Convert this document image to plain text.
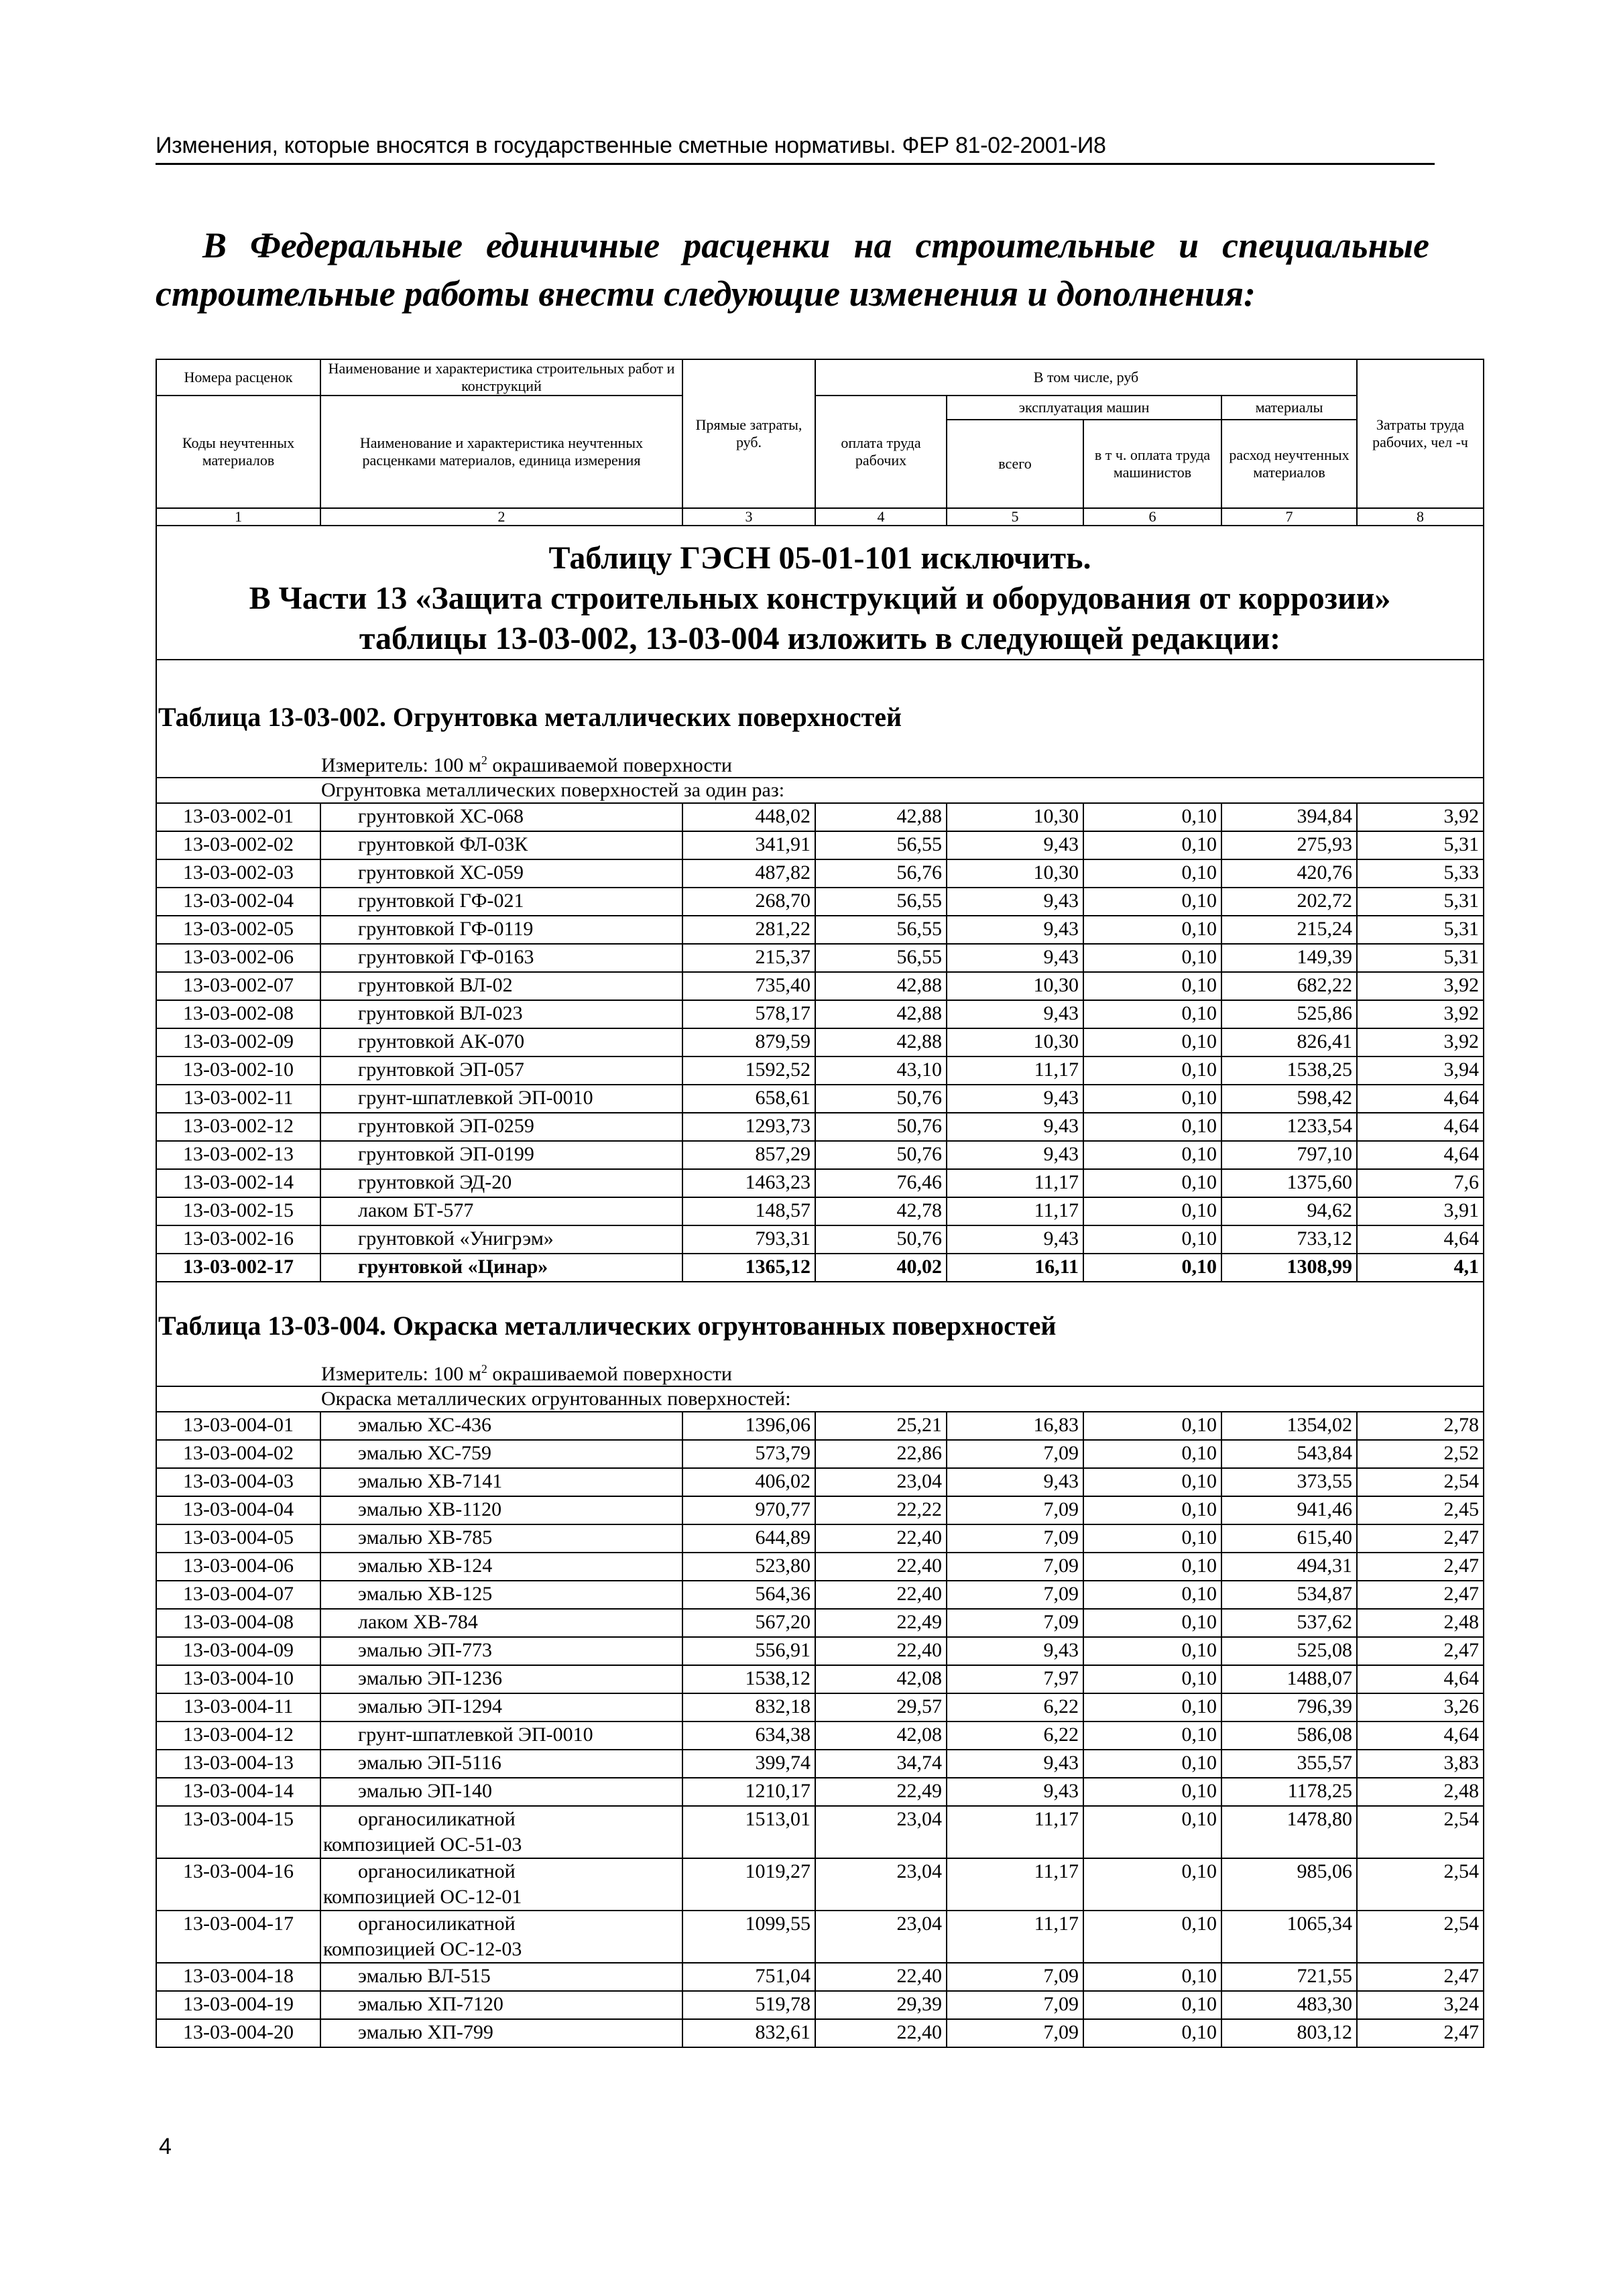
Изменения, которые вносятся в государственные сметные нормативы. ФЕР 81-02-2001-И8
В Федеральные единичные расценки на строительные и специальные строительные работы внести следующие изменения и дополнения:
Номера расценок	Наименование и характеристика строительных работ и конструкций	Прямые затраты, руб.	В том числе, руб				Затраты труда рабочих, чел -ч
Коды неучтенных материалов	Наименование и характеристика неучтенных расценками материалов, единица измерения		оплата труда рабочих	эксплуатация машин		материалы	
				всего	в т ч. оплата труда машинистов	расход неучтенных материалов	
1	2	3	4	5	6	7	8

Таблицу ГЭСН 05-01-101 исключить.
В Части 13 «Защита строительных конструкций и оборудования от коррозии»
таблицы 13-03-002, 13-03-004 изложить в следующей редакции:							

Таблица 13-03-002. Огрунтовка металлических поверхностей
Измеритель: 100 $м^2$ окрашиваемой поверхности
Огрунтовка металлических поверхностей за один раз:							

13-03-002-01	грунтовкой ХС-068	448,02	42,88	10,30	0,10	394,84	3,92
13-03-002-02	грунтовкой ФЛ-03К	341,91	56,55	9,43	0,10	275,93	5,31
13-03-002-03	грунтовкой ХС-059	487,82	56,76	10,30	0,10	420,76	5,33
13-03-002-04	грунтовкой ГФ-021	268,70	56,55	9,43	0,10	202,72	5,31
13-03-002-05	грунтовкой ГФ-0119	281,22	56,55	9,43	0,10	215,24	5,31
13-03-002-06	грунтовкой ГФ-0163	215,37	56,55	9,43	0,10	149,39	5,31
13-03-002-07	грунтовкой ВЛ-02	735,40	42,88	10,30	0,10	682,22	3,92
13-03-002-08	грунтовкой ВЛ-023	578,17	42,88	9,43	0,10	525,86	3,92
13-03-002-09	грунтовкой АК-070	879,59	42,88	10,30	0,10	826,41	3,92
13-03-002-10	грунтовкой ЭП-057	1592,52	43,10	11,17	0,10	1538,25	3,94
13-03-002-11	грунт-шпатлевкой ЭП-0010	658,61	50,76	9,43	0,10	598,42	4,64
13-03-002-12	грунтовкой ЭП-0259	1293,73	50,76	9,43	0,10	1233,54	4,64
13-03-002-13	грунтовкой ЭП-0199	857,29	50,76	9,43	0,10	797,10	4,64
13-03-002-14	грунтовкой ЭД-20	1463,23	76,46	11,17	0,10	1375,60	7,6
13-03-002-15	лаком БТ-577	148,57	42,78	11,17	0,10	94,62	3,91
13-03-002-16	грунтовкой «Унигрэм»	793,31	50,76	9,43	0,10	733,12	4,64
13-03-002-17	грунтовкой «Цинар»	1365,12	40,02	16,11	0,10	1308,99	4,1

Таблица 13-03-004. Окраска металлических огрунтованных поверхностей
Измеритель: 100 $м^2$ окрашиваемой поверхности
Окраска металлических огрунтованных поверхностей:							

13-03-004-01	эмалью ХС-436	1396,06	25,21	16,83	0,10	1354,02	2,78
13-03-004-02	эмалью ХС-759	573,79	22,86	7,09	0,10	543,84	2,52
13-03-004-03	эмалью ХВ-7141	406,02	23,04	9,43	0,10	373,55	2,54
13-03-004-04	эмалью ХВ-1120	970,77	22,22	7,09	0,10	941,46	2,45
13-03-004-05	эмалью ХВ-785	644,89	22,40	7,09	0,10	615,40	2,47
13-03-004-06	эмалью ХВ-124	523,80	22,40	7,09	0,10	494,31	2,47
13-03-004-07	эмалью ХВ-125	564,36	22,40	7,09	0,10	534,87	2,47
13-03-004-08	лаком ХВ-784	567,20	22,49	7,09	0,10	537,62	2,48
13-03-004-09	эмалью ЭП-773	556,91	22,40	9,43	0,10	525,08	2,47
13-03-004-10	эмалью ЭП-1236	1538,12	42,08	7,97	0,10	1488,07	4,64
13-03-004-11	эмалью ЭП-1294	832,18	29,57	6,22	0,10	796,39	3,26
13-03-004-12	грунт-шпатлевкой ЭП-0010	634,38	42,08	6,22	0,10	586,08	4,64
13-03-004-13	эмалью ЭП-5116	399,74	34,74	9,43	0,10	355,57	3,83
13-03-004-14	эмалью ЭП-140	1210,17	22,49	9,43	0,10	1178,25	2,48
13-03-004-15	органосиликатной
композицией ОС-51-03	1513,01	23,04	11,17	0,10	1478,80	2,54
13-03-004-16	органосиликатной
композицией ОС-12-01	1019,27	23,04	11,17	0,10	985,06	2,54
13-03-004-17	органосиликатной
композицией ОС-12-03	1099,55	23,04	11,17	0,10	1065,34	2,54
13-03-004-18	эмалью ВЛ-515	751,04	22,40	7,09	0,10	721,55	2,47
13-03-004-19	эмалью ХП-7120	519,78	29,39	7,09	0,10	483,30	3,24
13-03-004-20	эмалью ХП-799	832,61	22,40	7,09	0,10	803,12	2,47
4
